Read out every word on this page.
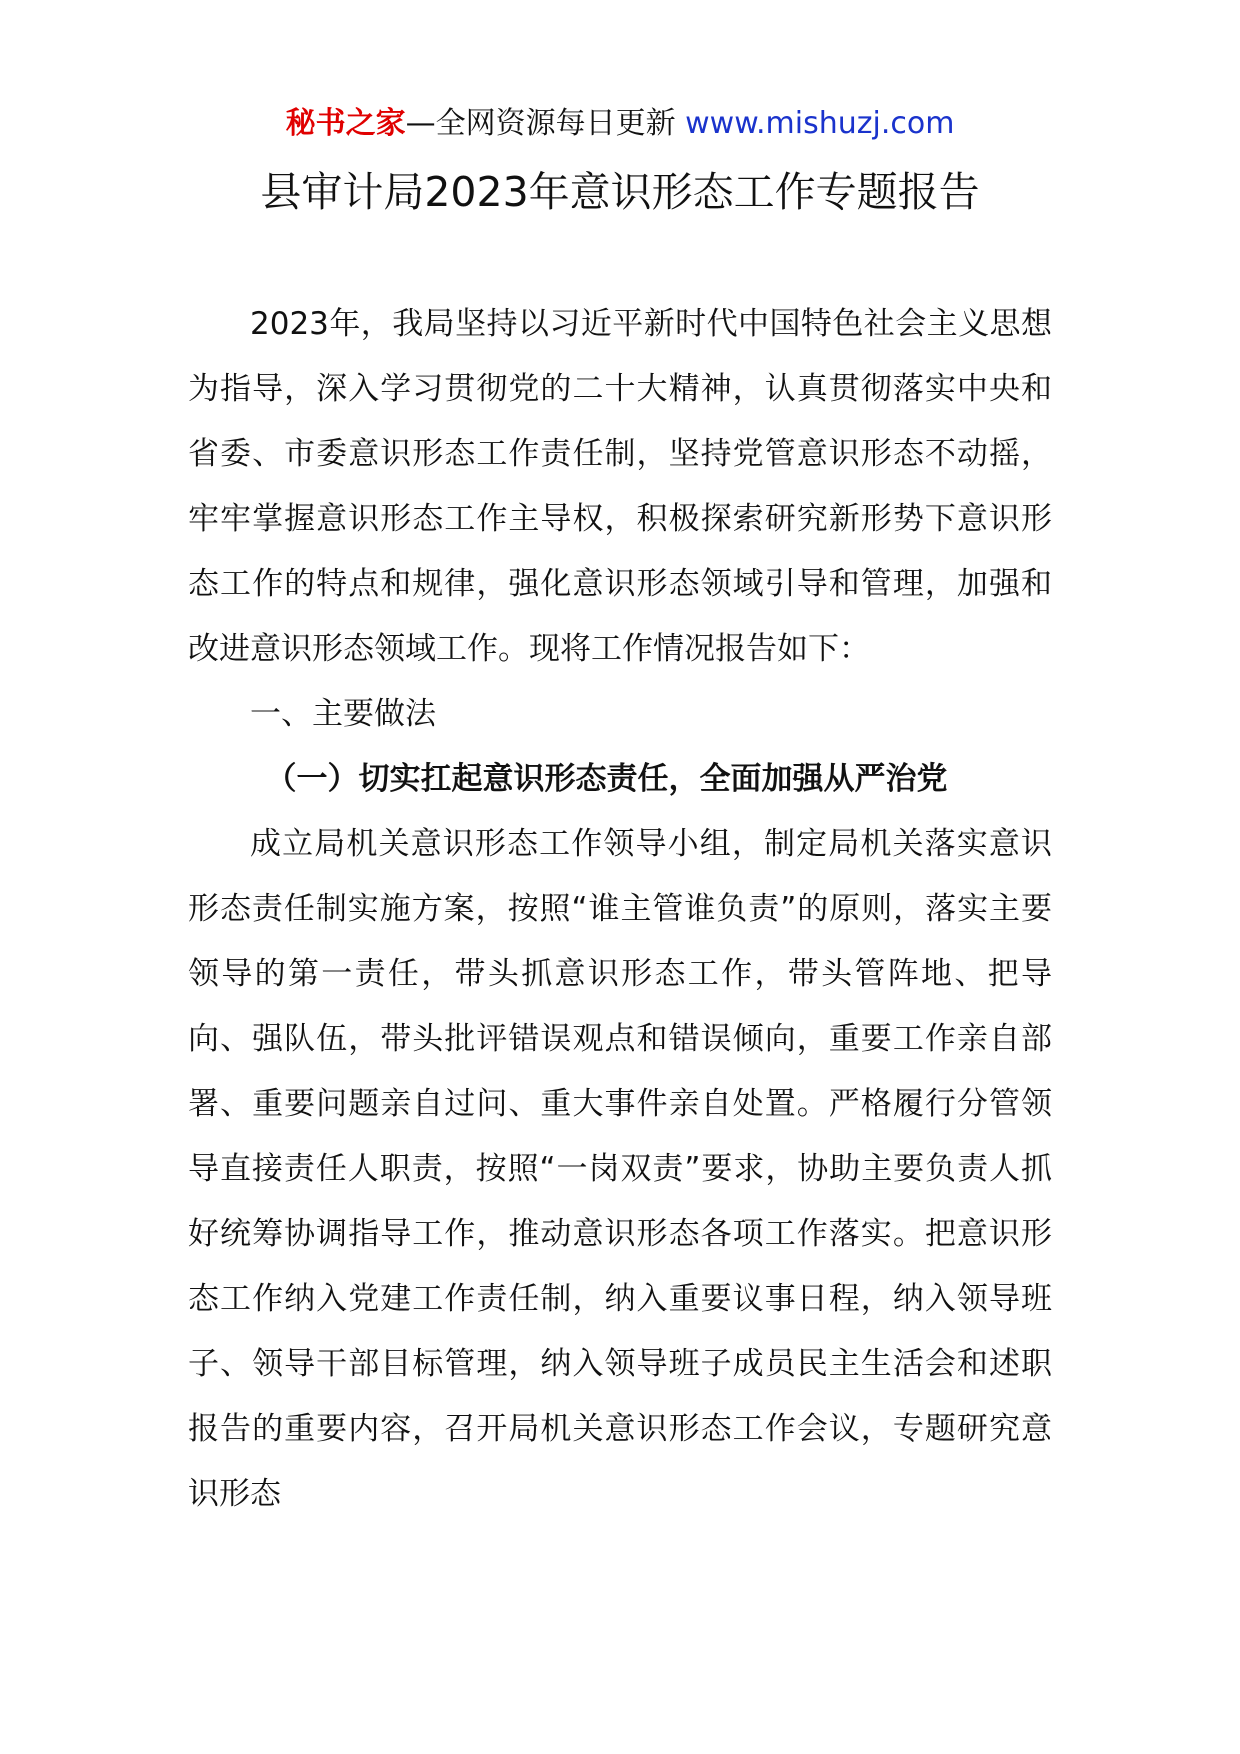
秘书之家—全网资源每日更新 www.mishuzj.com
县审计局2023年意识形态工作专题报告

2023年，我局坚持以习近平新时代中国特色社会主义思想为指导，深入学习贯彻党的二十大精神，认真贯彻落实中央和省委、市委意识形态工作责任制，坚持党管意识形态不动摇，牢牢掌握意识形态工作主导权，积极探索研究新形势下意识形态工作的特点和规律，强化意识形态领域引导和管理，加强和改进意识形态领域工作。现将工作情况报告如下：

一、主要做法

（一）切实扛起意识形态责任，全面加强从严治党

成立局机关意识形态工作领导小组，制定局机关落实意识形态责任制实施方案，按照“谁主管谁负责”的原则，落实主要领导的第一责任，带头抓意识形态工作，带头管阵地、把导向、强队伍，带头批评错误观点和错误倾向，重要工作亲自部署、重要问题亲自过问、重大事件亲自处置。严格履行分管领导直接责任人职责，按照“一岗双责”要求，协助主要负责人抓好统筹协调指导工作，推动意识形态各项工作落实。把意识形态工作纳入党建工作责任制，纳入重要议事日程，纳入领导班子、领导干部目标管理，纳入领导班子成员民主生活会和述职报告的重要内容，召开局机关意识形态工作会议，专题研究意识形态
